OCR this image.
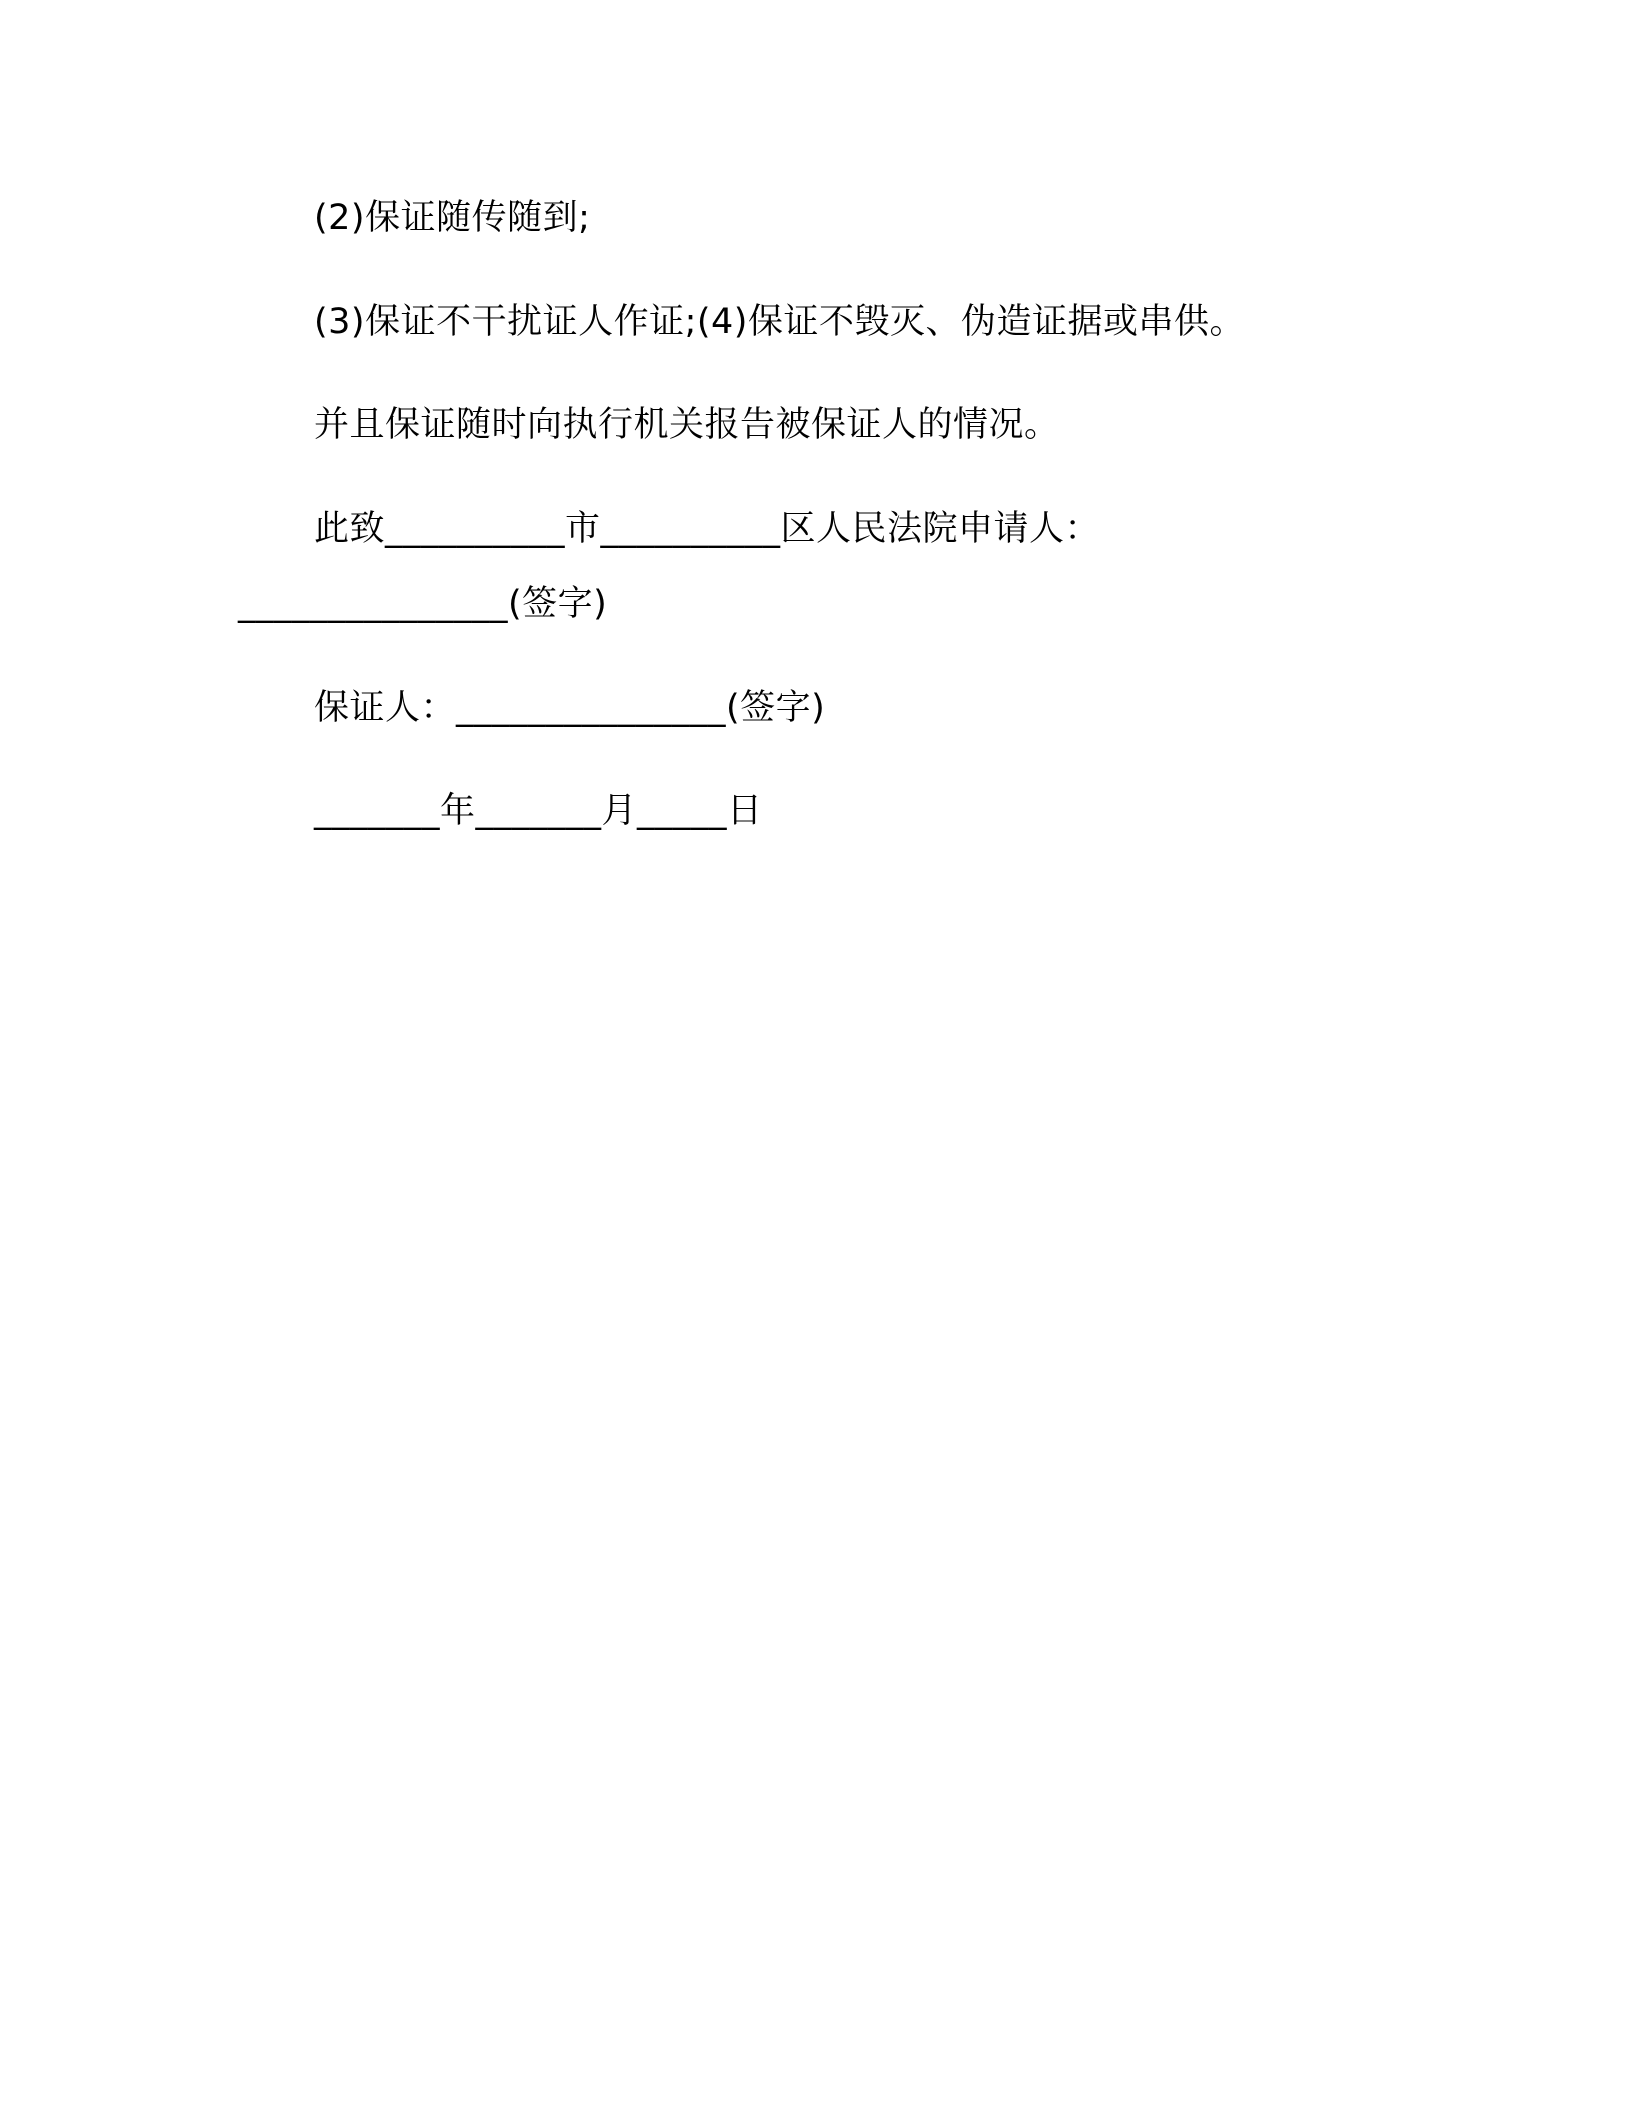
(2)保证随传随到;
(3)保证不干扰证人作证;(4)保证不毁灭、伪造证据或串供。
并且保证随时向执行机关报告被保证人的情况。
此致__________市__________区人民法院申请人：
_______________(签字)
保证人：_______________(签字)
_______年_______月_____日
